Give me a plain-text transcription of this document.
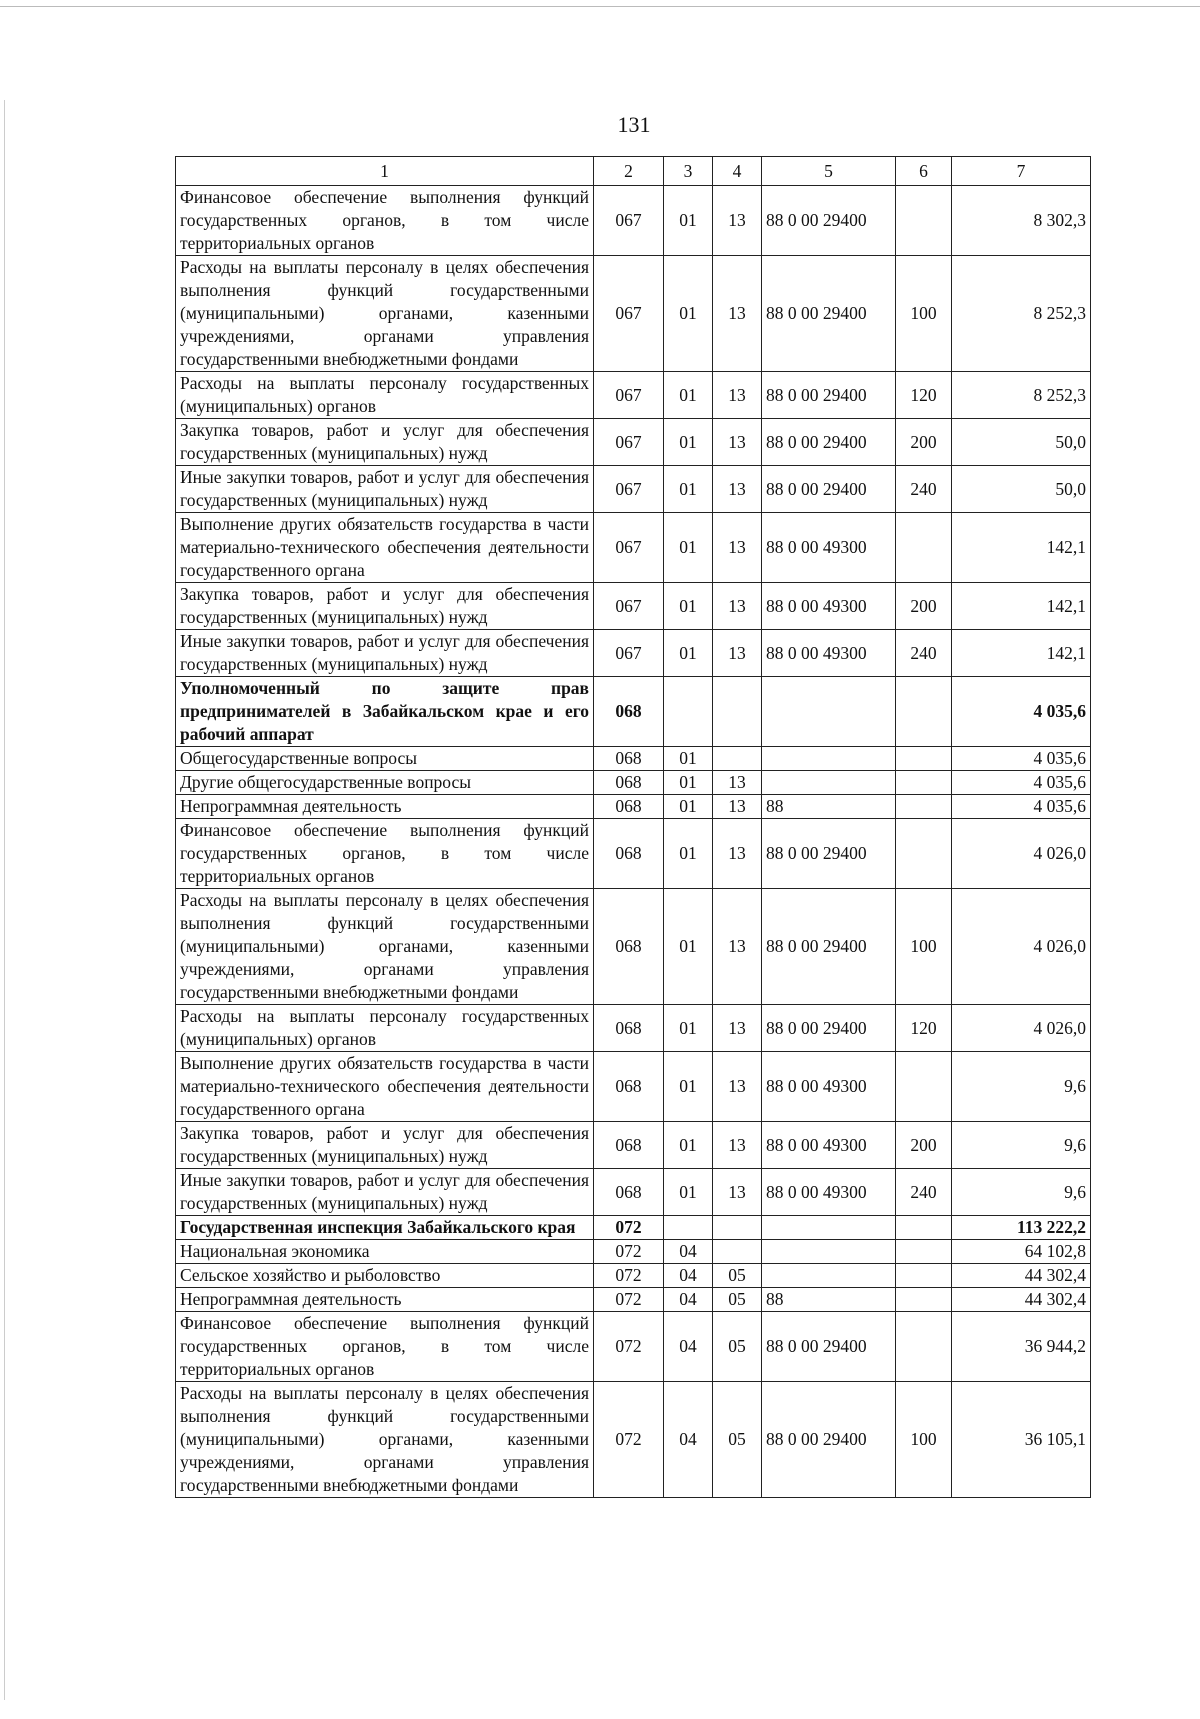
131
1	2	3	4	5	6	7
Финансовое обеспечение выполнения функций государственных органов, в том числе территориальных органов	067	01	13	88 0 00 29400		8 302,3
Расходы на выплаты персоналу в целях обеспечения выполнения функций государственными (муниципальными) органами, казенными учреждениями, органами управления государственными внебюджетными фондами	067	01	13	88 0 00 29400	100	8 252,3
Расходы на выплаты персоналу государственных (муниципальных) органов	067	01	13	88 0 00 29400	120	8 252,3
Закупка товаров, работ и услуг для обеспечения государственных (муниципальных) нужд	067	01	13	88 0 00 29400	200	50,0
Иные закупки товаров, работ и услуг для обеспечения государственных (муниципальных) нужд	067	01	13	88 0 00 29400	240	50,0
Выполнение других обязательств государства в части материально-технического обеспечения деятельности государственного органа	067	01	13	88 0 00 49300		142,1
Закупка товаров, работ и услуг для обеспечения государственных (муниципальных) нужд	067	01	13	88 0 00 49300	200	142,1
Иные закупки товаров, работ и услуг для обеспечения государственных (муниципальных) нужд	067	01	13	88 0 00 49300	240	142,1
Уполномоченный по защите прав предпринимателей в Забайкальском крае и его рабочий аппарат	068					4 035,6
Общегосударственные вопросы	068	01				4 035,6
Другие общегосударственные вопросы	068	01	13			4 035,6
Непрограммная деятельность	068	01	13	88		4 035,6
Финансовое обеспечение выполнения функций государственных органов, в том числе территориальных органов	068	01	13	88 0 00 29400		4 026,0
Расходы на выплаты персоналу в целях обеспечения выполнения функций государственными (муниципальными) органами, казенными учреждениями, органами управления государственными внебюджетными фондами	068	01	13	88 0 00 29400	100	4 026,0
Расходы на выплаты персоналу государственных (муниципальных) органов	068	01	13	88 0 00 29400	120	4 026,0
Выполнение других обязательств государства в части материально-технического обеспечения деятельности государственного органа	068	01	13	88 0 00 49300		9,6
Закупка товаров, работ и услуг для обеспечения государственных (муниципальных) нужд	068	01	13	88 0 00 49300	200	9,6
Иные закупки товаров, работ и услуг для обеспечения государственных (муниципальных) нужд	068	01	13	88 0 00 49300	240	9,6
Государственная инспекция Забайкальского края	072					113 222,2
Национальная экономика	072	04				64 102,8
Сельское хозяйство и рыболовство	072	04	05			44 302,4
Непрограммная деятельность	072	04	05	88		44 302,4
Финансовое обеспечение выполнения функций государственных органов, в том числе территориальных органов	072	04	05	88 0 00 29400		36 944,2
Расходы на выплаты персоналу в целях обеспечения выполнения функций государственными (муниципальными) органами, казенными учреждениями, органами управления государственными внебюджетными фондами	072	04	05	88 0 00 29400	100	36 105,1
